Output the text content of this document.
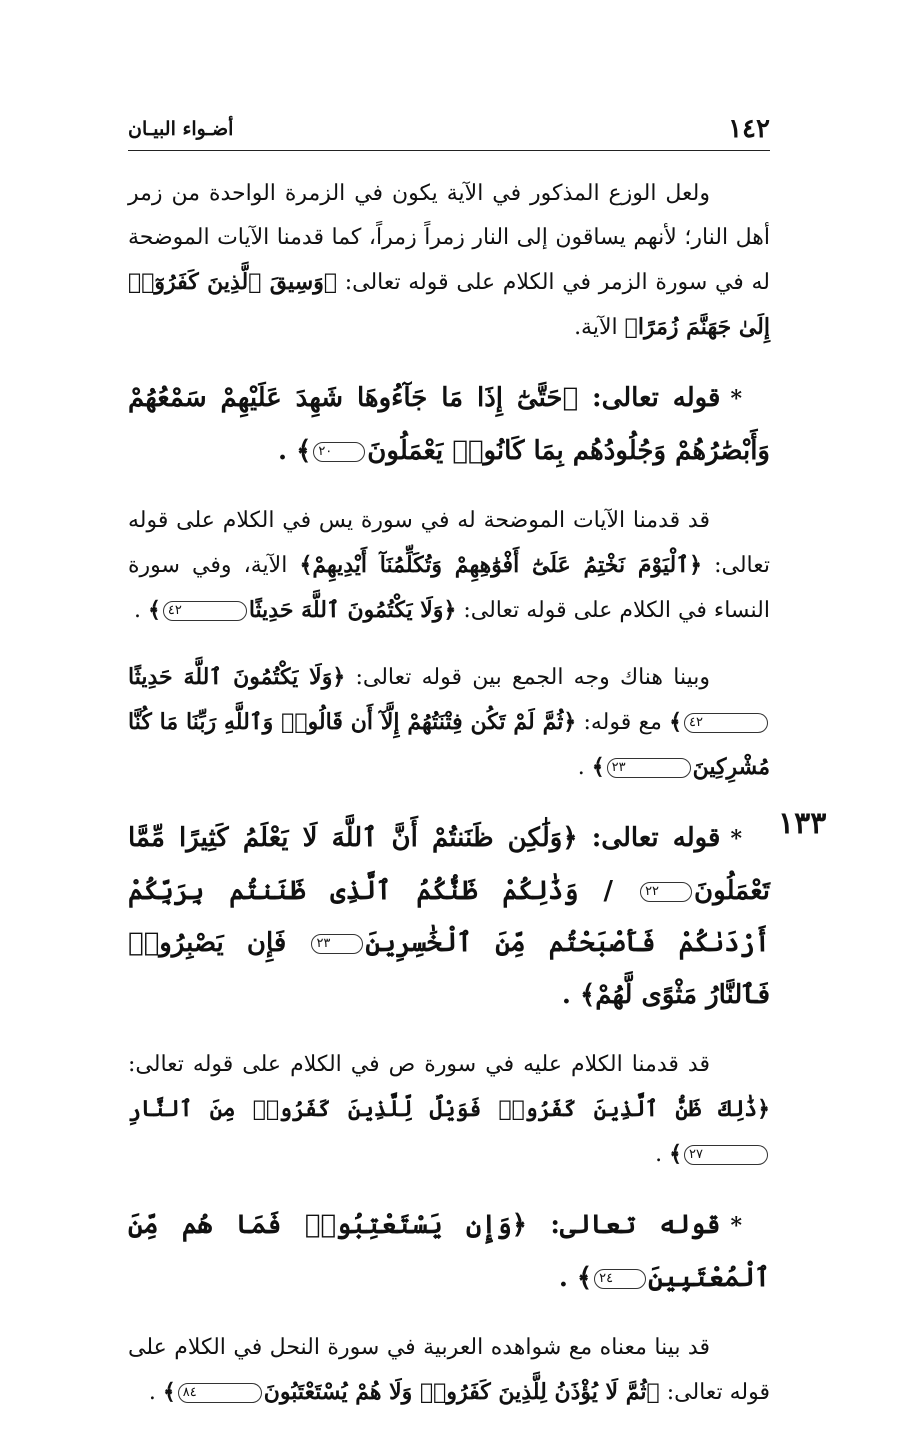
١٤٢
أضـواء البيـان
١٣٣

ولعل الوزع المذكور في الآية يكون في الزمرة الواحدة من زمر أهل النار؛ لأنهم يساقون إلى النار زمراً زمراً، كما قدمنا الآيات الموضحة له في سورة الزمر في الكلام على قوله تعالى: ﴿وَسِيقَ ٱلَّذِينَ كَفَرُوٓا۟ إِلَىٰ جَهَنَّمَ زُمَرًا﴾ الآية.

*قوله تعالى: ﴿حَتَّىٰٓ إِذَا مَا جَآءُوهَا شَهِدَ عَلَيْهِمْ سَمْعُهُمْ وَأَبْصَٰرُهُمْ وَجُلُودُهُم بِمَا كَانُوا۟ يَعْمَلُونَ٢٠﴾ .

قد قدمنا الآيات الموضحة له في سورة يس في الكلام على قوله تعالى: ﴿ٱلْيَوْمَ نَخْتِمُ عَلَىٰٓ أَفْوَٰهِهِمْ وَتُكَلِّمُنَآ أَيْدِيهِمْ﴾ الآية، وفي سورة النساء في الكلام على قوله تعالى: ﴿وَلَا يَكْتُمُونَ ٱللَّهَ حَدِيثًا٤٢﴾ .

وبينا هناك وجه الجمع بين قوله تعالى: ﴿وَلَا يَكْتُمُونَ ٱللَّهَ حَدِيثًا٤٢﴾ مع قوله: ﴿ثُمَّ لَمْ تَكُن فِتْنَتُهُمْ إِلَّآ أَن قَالُوا۟ وَٱللَّهِ رَبِّنَا مَا كُنَّا مُشْرِكِينَ٢٣﴾ .

*قوله تعالى: ﴿وَلَٰكِن ظَنَنتُمْ أَنَّ ٱللَّهَ لَا يَعْلَمُ كَثِيرًا مِّمَّا تَعْمَلُونَ٢٢ / وَذَٰلِكُمْ ظَنُّكُمُ ٱلَّذِى ظَنَنتُم بِرَبِّكُمْ أَرْدَىٰكُمْ فَأَصْبَحْتُم مِّنَ ٱلْخَٰسِرِينَ٢٣ فَإِن يَصْبِرُوا۟ فَٱلنَّارُ مَثْوًى لَّهُمْ﴾ .

قد قدمنا الكلام عليه في سورة ص في الكلام على قوله تعالى: ﴿ذَٰلِكَ ظَنُّ ٱلَّذِينَ كَفَرُوا۟ فَوَيْلٌ لِّلَّذِينَ كَفَرُوا۟ مِنَ ٱلنَّارِ٢٧﴾ .

*قوله تعالى: ﴿وَإِن يَسْتَعْتِبُوا۟ فَمَا هُم مِّنَ ٱلْمُعْتَبِينَ٢٤﴾ .

قد بينا معناه مع شواهده العربية في سورة النحل في الكلام على قوله تعالى: ﴿ثُمَّ لَا يُؤْذَنُ لِلَّذِينَ كَفَرُوا۟ وَلَا هُمْ يُسْتَعْتَبُونَ٨٤﴾ .
